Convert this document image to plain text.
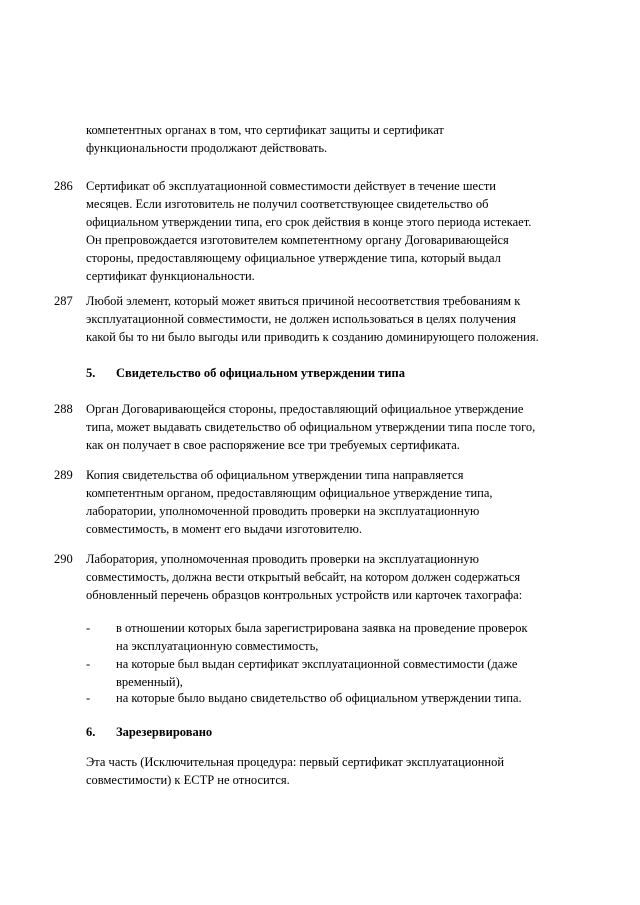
компетентных органах в том, что сертификат защиты и сертификат

функциональности продолжают действовать.

286 Сертификат об эксплуатационной совместимости действует в течение шести

месяцев. Если изготовитель не получил соответствующее свидетельство об

официальном утверждении типа, его срок действия в конце этого периода истекает.

Он препровождается изготовителем компетентному органу Договаривающейся

стороны, предоставляющему официальное утверждение типа, который выдал

сертификат функциональности.

287 Любой элемент, который может явиться причиной несоответствия требованиям к

эксплуатационной совместимости, не должен использоваться в целях получения

какой бы то ни было выгоды или приводить к созданию доминирующего положения.

5. Свидетельство об официальном утверждении типа
288 Орган Договаривающейся стороны, предоставляющий официальное утверждение

типа, может выдавать свидетельство об официальном утверждении типа после того,

как он получает в свое распоряжение все три требуемых сертификата.

289 Копия свидетельства об официальном утверждении типа направляется

компетентным органом, предоставляющим официальное утверждение типа,

лаборатории, уполномоченной проводить проверки на эксплуатационную

совместимость, в момент его выдачи изготовителю.

290 Лаборатория, уполномоченная проводить проверки на эксплуатационную

совместимость, должна вести открытый вебсайт, на котором должен содержаться

обновленный перечень образцов контрольных устройств или карточек тахографа:

- в отношении которых была зарегистрирована заявка на проведение проверок

на эксплуатационную совместимость,

- на которые был выдан сертификат эксплуатационной совместимости (даже

временный),

- на которые было выдано свидетельство об официальном утверждении типа.

6. Зарезервировано

Эта часть (Исключительная процедура: первый сертификат эксплуатационной

совместимости) к ЕСТР не относится.
